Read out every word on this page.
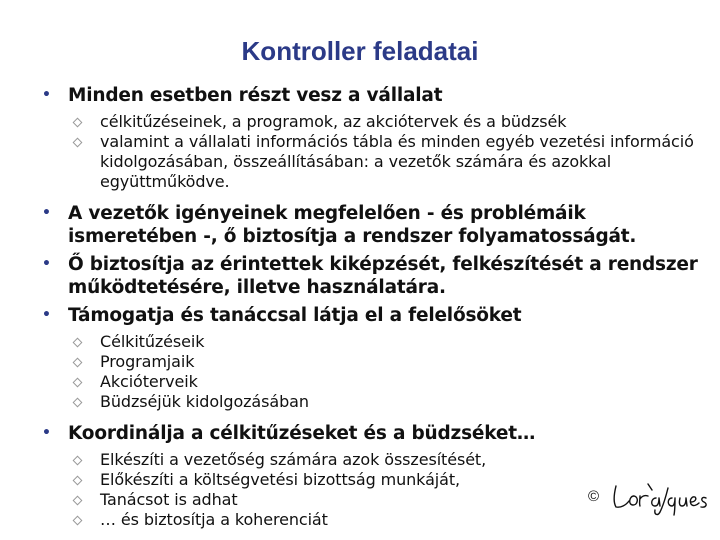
Kontroller feladatai
• Minden esetben részt vesz a vállalat
célkitűzéseinek, a programok, az akciótervek és a büdzsék
valamint a vállalati információs tábla és minden egyéb vezetési információ kidolgozásában, összeállításában: a vezetők számára és azokkal együttműködve.
• A vezetők igényeinek megfelelően - és problémáik ismeretében -, ő biztosítja a rendszer folyamatosságát.
• Ő biztosítja az érintettek kiképzését, felkészítését a rendszer működtetésére, illetve használatára.
• Támogatja és tanáccsal látja el a felelősöket
Célkitűzéseik
Programjaik
Akcióterveik
Büdzséjük kidolgozásában
• Koordinálja a célkitűzéseket és a büdzséket…
Elkészíti a vezetőség számára azok összesítését,
Előkészíti a költségvetési bizottság munkáját,
Tanácsot is adhat
… és biztosítja a koherenciát
©
